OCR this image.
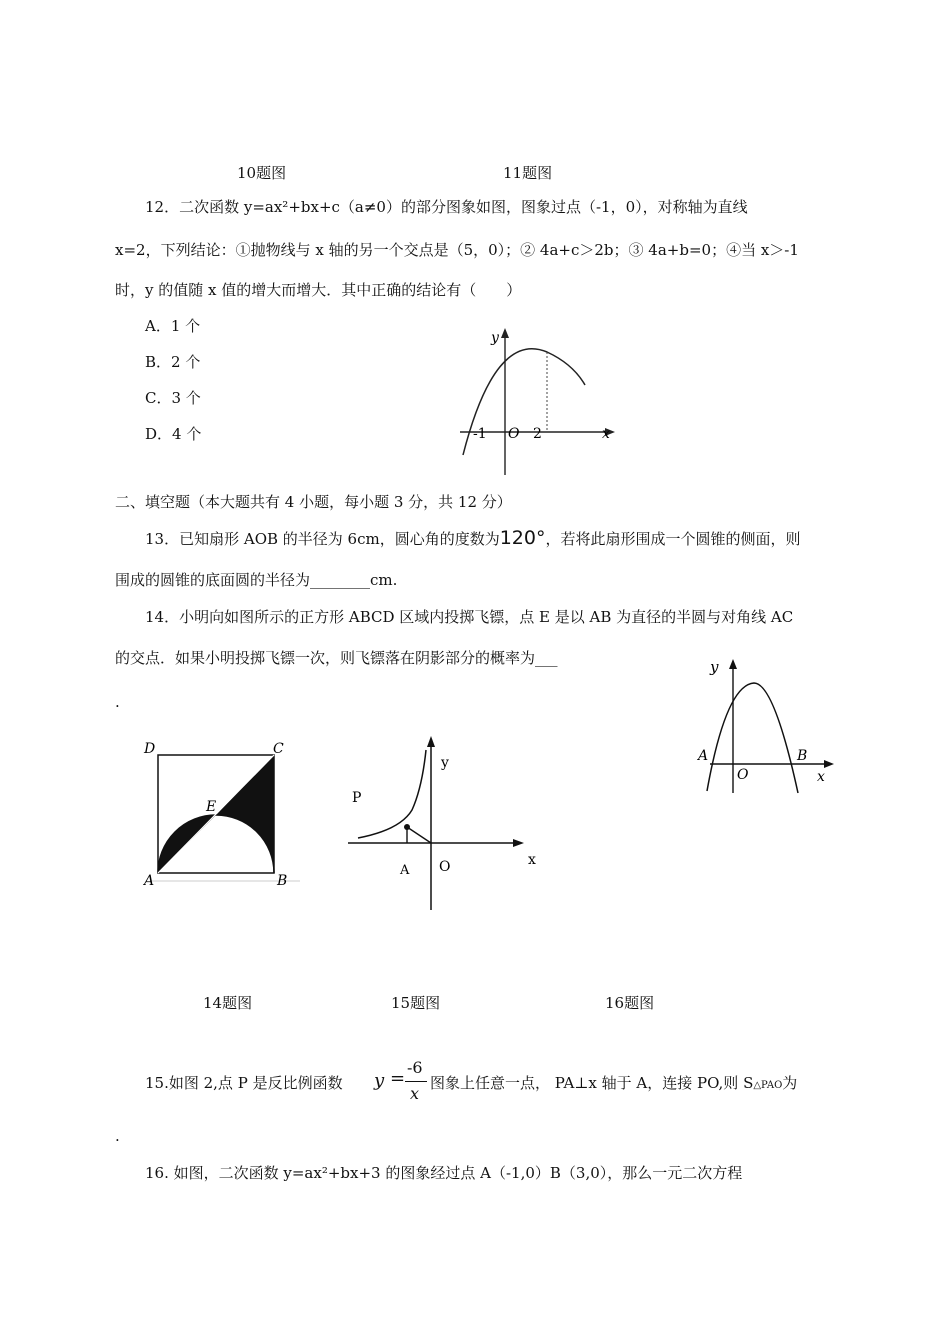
10题图	11题图
12．二次函数 y=ax²+bx+c（a≠0）的部分图象如图，图象过点（-1，0），对称轴为直线
x=2，下列结论：①抛物线与 x 轴的另一个交点是（5，0）；② 4a+c＞2b；③ 4a+b=0；④当 x＞-1
时，y 的值随 x 值的增大而增大．其中正确的结论有（　　）
A．1 个
B．2 个
C．3 个
D．4 个
y
x
-1 O 2
二、填空题（本大题共有 4 小题，每小题 3 分，共 12 分）
13．已知扇形 AOB 的半径为 6cm，圆心角的度数为120°，若将此扇形围成一个圆锥的侧面，则
围成的圆锥的底面圆的半径为________cm.
14．小明向如图所示的正方形 ABCD 区域内投掷飞镖，点 E 是以 AB 为直径的半圆与对角线 AC
的交点．如果小明投掷飞镖一次，则飞镖落在阴影部分的概率为___
.
D	C
E
A	B
y
x
P
A O
y
x
A	B
O
14题图	15题图	16题图
15.如图 2,点 P 是反比例函数 y =
-6
x
图象上任意一点， PA⊥x 轴于 A，连接 PO,则 S△PAO为
.
16. 如图，二次函数 y=ax²+bx+3 的图象经过点 A（-1,0）B（3,0），那么一元二次方程
